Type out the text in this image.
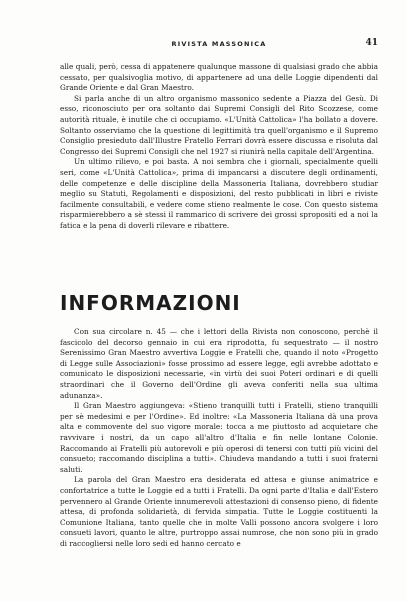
RIVISTA MASSONICA	41

alle quali, però, cessa di appatenere qualunque massone di qualsiasi grado che abbia cessato, per qualsivoglia motivo, di appartenere ad una delle Loggie dipendenti dal Grande Oriente e dal Gran Maestro.

Si parla anche di un altro organismo massonico sedente a Piazza del Gesù. Di esso, riconosciuto per ora soltanto dai Supremi Consigli del Rito Scozzese, come autorità rituale, è inutile che ci occupiamo. «L'Unità Cattolica» l'ha bollato a dovere. Soltanto osserviamo che la questione di legittimità tra quell'organismo e il Supremo Consiglio presieduto dall'Illustre Fratello Ferrari dovrà essere discussa e risoluta dal Congresso dei Supremi Consigli che nel 1927 si riunirà nella capitale dell'Argentina.

Un ultimo rilievo, e poi basta. A noi sembra che i giornali, specialmente quelli seri, come «L'Unità Cattolica», prima di impancarsi a discutere degli ordinamenti, delle competenze e delle discipline della Massoneria Italiana, dovrebbero studiar meglio su Statuti, Regolamenti e disposizioni, del resto pubblicati in libri e riviste facilmente consultabili, e vedere come stieno realmente le cose. Con questo sistema risparmierebbero a sè stessi il rammarico di scrivere dei grossi spropositi ed a noi la fatica e la pena di doverli rilevare e ribattere.

INFORMAZIONI

Con sua circolare n. 45 — che i lettori della Rivista non conoscono, perchè il fascicolo del decorso gennaio in cui era riprodotta, fu sequestrato — il nostro Serenissimo Gran Maestro avvertiva Loggie e Fratelli che, quando il noto «Progetto di Legge sulle Associazioni» fosse prossimo ad essere legge, egli avrebbe adottato e comunicato le disposizioni necessarie, «in virtù dei suoi Poteri ordinari e di quelli straordinari che il Governo dell'Ordine gli aveva conferiti nella sua ultima adunanza».

Il Gran Maestro aggiungeva: «Stieno tranquilli tutti i Fratelli, stieno tranquilli per sè medesimi e per l'Ordine». Ed inoltre: «La Massoneria Italiana dà una prova alta e commovente del suo vigore morale: tocca a me piuttosto ad acquietare che ravvivare i nostri, da un capo all'altro d'Italia e fin nelle lontane Colonie. Raccomando ai Fratelli più autorevoli e più operosi di tenersi con tutti più vicini del consueto; raccomando disciplina a tutti». Chiudeva mandando a tutti i suoi fraterni saluti.

La parola del Gran Maestro era desiderata ed attesa e giunse animatrice e confortatrice a tutte le Loggie ed a tutti i Fratelli. Da ogni parte d'Italia e dall'Estero pervennero al Grande Oriente innumerevoli attestazioni di consenso pieno, di fidente attesa, di profonda solidarietà, di fervida simpatia. Tutte le Loggie costituenti la Comunione Italiana, tanto quelle che in molte Valli possono ancora svolgere i loro consueti lavori, quanto le altre, purtroppo assai numrose, che non sono più in grado di raccogliersi nelle loro sedi ed hanno cercato e
